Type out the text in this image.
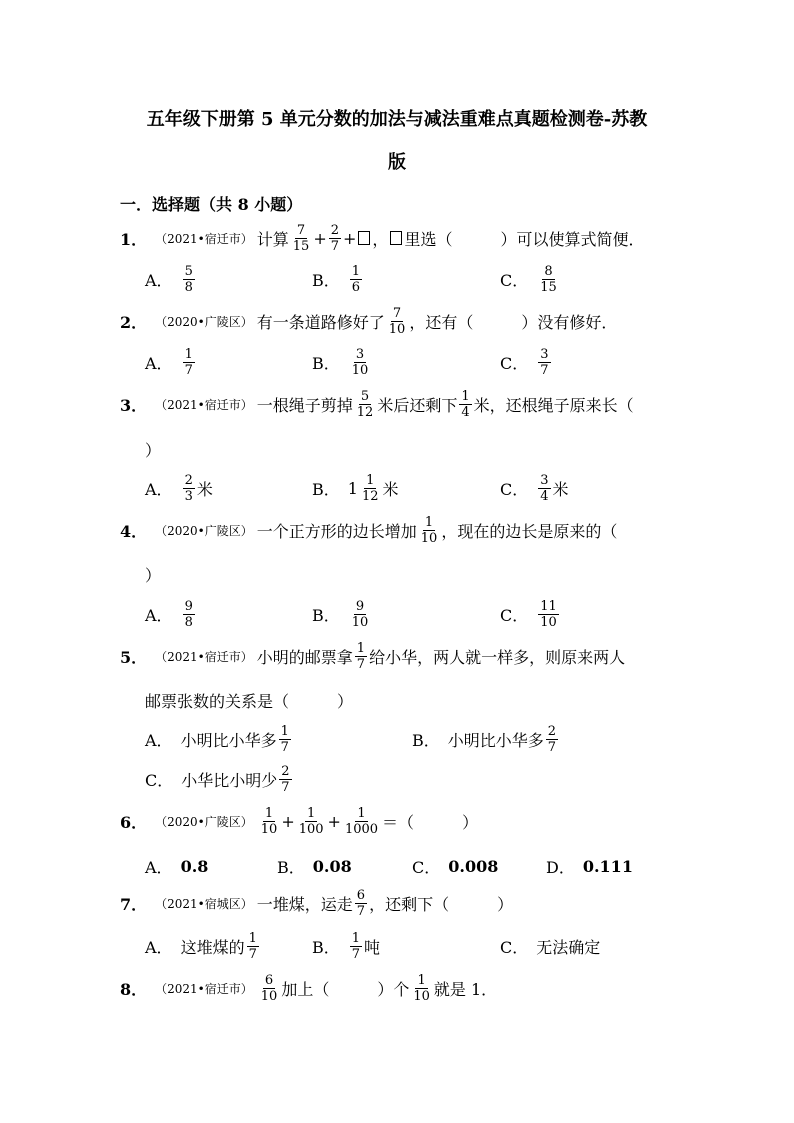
五年级下册第 5 单元分数的加法与减法重难点真题检测卷-苏教
版
一．选择题（共 8 小题）
1． （2021•宿迁市） 计算 $\frac{7}{15} + \frac{2}{7}$ + ， 里选（	）可以使算式简便．
A． $\frac{5}{8}$	B． $\frac{1}{6}$	C． $\frac{8}{15}$
2． （2020•广陵区） 有一条道路修好了 $\frac{7}{10}$ ，还有（	）没有修好．
A． $\frac{1}{7}$	B． $\frac{3}{10}$	C． $\frac{3}{7}$
3． （2021•宿迁市） 一根绳子剪掉 $\frac{5}{12}$ 米后还剩下 $\frac{1}{4}$ 米，还根绳子原来长（
）
A． $\frac{2}{3}$ 米	B． $1 \frac{1}{12}$ 米	C． $\frac{3}{4}$ 米
4． （2020•广陵区） 一个正方形的边长增加 $\frac{1}{10}$ ，现在的边长是原来的（
）
A． $\frac{9}{8}$	B． $\frac{9}{10}$	C． $\frac{11}{10}$
5． （2021•宿迁市） 小明的邮票拿 $\frac{1}{7}$ 给小华，两人就一样多，则原来两人
邮票张数的关系是（	）
A． 小明比小华多 $\frac{1}{7}$	B． 小明比小华多 $\frac{2}{7}$
C． 小华比小明少 $\frac{2}{7}$
6． （2020•广陵区） $\frac{1}{10} + \frac{1}{100} + \frac{1}{1000}$ ＝（	）
A． 0.8	B． 0.08	C． 0.008	D． 0.111
7． （2021•宿城区） 一堆煤，运走 $\frac{6}{7}$ ，还剩下（	）
A． 这堆煤的 $\frac{1}{7}$	B． $\frac{1}{7}$ 吨	C． 无法确定
8． （2021•宿迁市） $\frac{6}{10}$ 加上（	）个 $\frac{1}{10}$ 就是 1．
